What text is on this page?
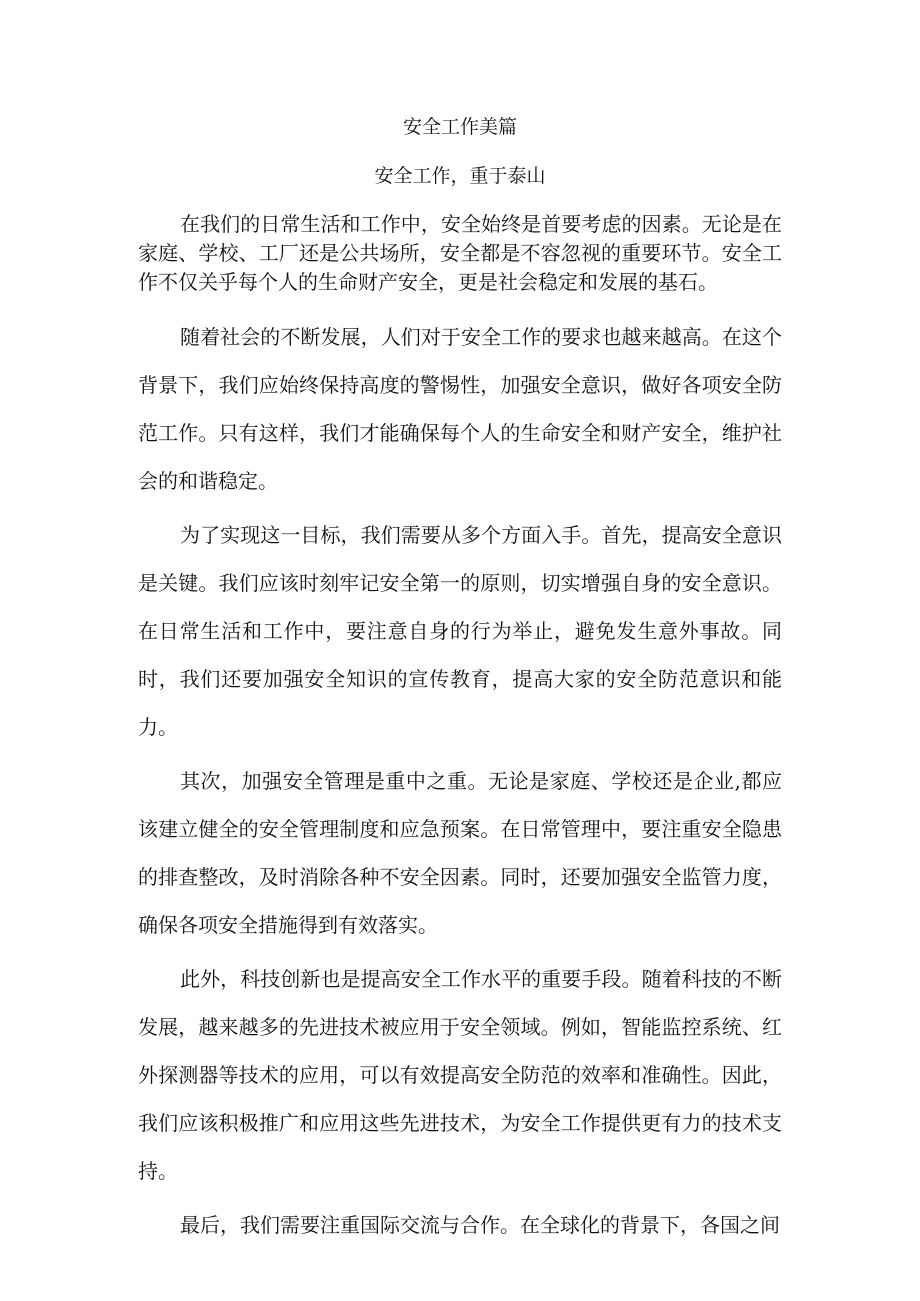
安全工作美篇
安全工作，重于泰山

在我们的日常生活和工作中，安全始终是首要考虑的因素。无论是在家庭、学校、工厂还是公共场所，安全都是不容忽视的重要环节。安全工作不仅关乎每个人的生命财产安全，更是社会稳定和发展的基石。

随着社会的不断发展，人们对于安全工作的要求也越来越高。在这个背景下，我们应始终保持高度的警惕性，加强安全意识，做好各项安全防范工作。只有这样，我们才能确保每个人的生命安全和财产安全，维护社会的和谐稳定。

为了实现这一目标，我们需要从多个方面入手。首先，提高安全意识是关键。我们应该时刻牢记安全第一的原则，切实增强自身的安全意识。在日常生活和工作中，要注意自身的行为举止，避免发生意外事故。同时，我们还要加强安全知识的宣传教育，提高大家的安全防范意识和能力。

其次，加强安全管理是重中之重。无论是家庭、学校还是企业,都应该建立健全的安全管理制度和应急预案。在日常管理中，要注重安全隐患的排查整改，及时消除各种不安全因素。同时，还要加强安全监管力度，确保各项安全措施得到有效落实。

此外，科技创新也是提高安全工作水平的重要手段。随着科技的不断发展，越来越多的先进技术被应用于安全领域。例如，智能监控系统、红外探测器等技术的应用，可以有效提高安全防范的效率和准确性。因此，我们应该积极推广和应用这些先进技术，为安全工作提供更有力的技术支持。

最后，我们需要注重国际交流与合作。在全球化的背景下，各国之间
